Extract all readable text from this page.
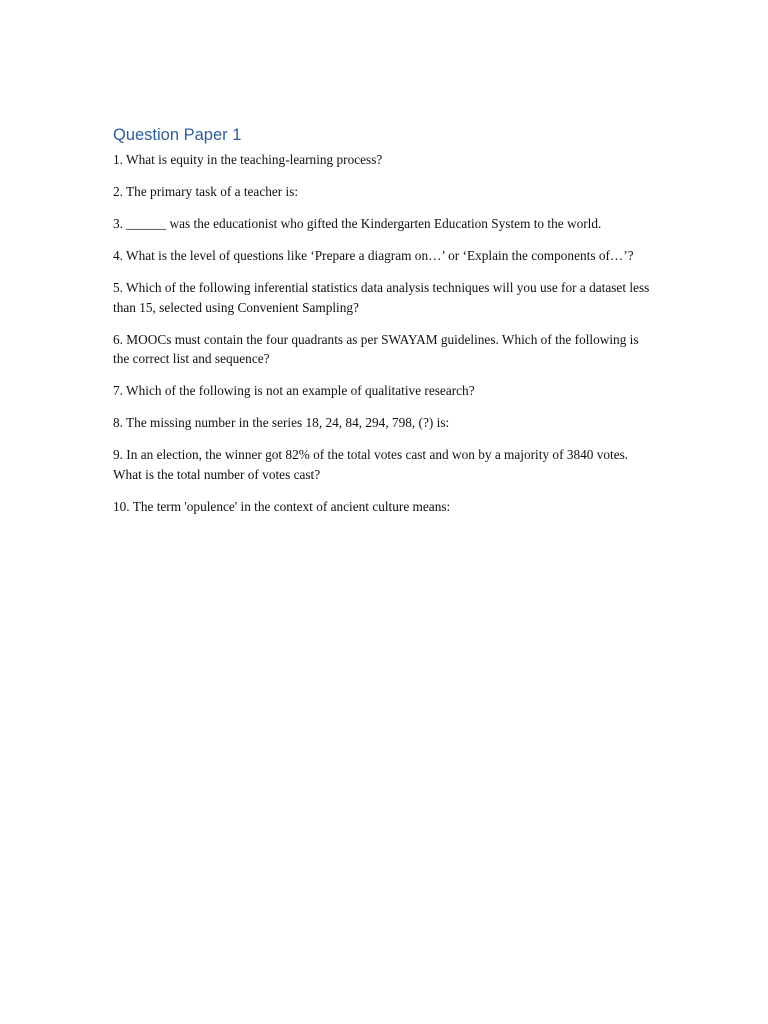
Question Paper 1

1. What is equity in the teaching-learning process?

2. The primary task of a teacher is:

3. ______ was the educationist who gifted the Kindergarten Education System to the world.

4. What is the level of questions like ‘Prepare a diagram on…’ or ‘Explain the components of…’?

5. Which of the following inferential statistics data analysis techniques will you use for a dataset less than 15, selected using Convenient Sampling?

6. MOOCs must contain the four quadrants as per SWAYAM guidelines. Which of the following is the correct list and sequence?

7. Which of the following is not an example of qualitative research?

8. The missing number in the series 18, 24, 84, 294, 798, (?) is:

9. In an election, the winner got 82% of the total votes cast and won by a majority of 3840 votes. What is the total number of votes cast?

10. The term 'opulence' in the context of ancient culture means:
